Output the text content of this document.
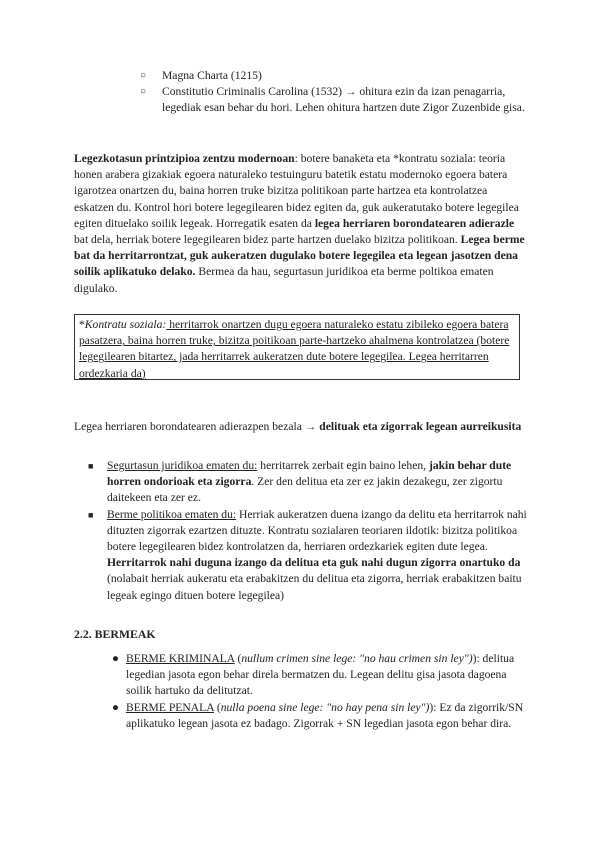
○ Magna Charta (1215)
○ Constitutio Criminalis Carolina (1532) → ohitura ezin da izan penagarria, legediak esan behar du hori. Lehen ohitura hartzen dute Zigor Zuzenbide gisa.

Legezkotasun printzipioa zentzu modernoan: botere banaketa eta *kontratu soziala: teoria honen arabera gizakiak egoera naturaleko testuinguru batetik estatu modernoko egoera batera igarotzea onartzen du, baina horren truke bizitza politikoan parte hartzea eta kontrolatzea eskatzen du. Kontrol hori botere legegilearen bidez egiten da, guk aukeratutako botere legegilea egiten dituelako soilik legeak. Horregatik esaten da legea herriaren borondatearen adierazle bat dela, herriak botere legegilearen bidez parte hartzen duelako bizitza politikoan. Legea berme bat da herritarrontzat, guk aukeratzen dugulako botere legegilea eta legean jasotzen dena soilik aplikatuko delako. Bermea da hau, segurtasun juridikoa eta berme poltikoa ematen digulako.

*Kontratu soziala: herritarrok onartzen dugu egoera naturaleko estatu zibileko egoera batera pasatzera, baina horren truke, bizitza poitikoan parte-hartzeko ahalmena kontrolatzea (botere legegilearen bitartez, jada herritarrek aukeratzen dute botere legegilea. Legea herritarren ordezkaria da)

Legea herriaren borondatearen adierazpen bezala → delituak eta zigorrak legean aurreikusita

■ Segurtasun juridikoa ematen du: herritarrek zerbait egin baino lehen, jakin behar dute horren ondorioak eta zigorra. Zer den delitua eta zer ez jakin dezakegu, zer zigortu daitekeen eta zer ez.
■ Berme politikoa ematen du: Herriak aukeratzen duena izango da delitu eta herritarrok nahi dituzten zigorrak ezartzen dituzte. Kontratu sozialaren teoriaren ildotik: bizitza politikoa botere legegilearen bidez kontrolatzen da, herriaren ordezkariek egiten dute legea. Herritarrok nahi duguna izango da delitua eta guk nahi dugun zigorra onartuko da (nolabait herriak aukeratu eta erabakitzen du delitua eta zigorra, herriak erabakitzen baitu legeak egingo dituen botere legegilea)
2.2. BERMEAK
● BERME KRIMINALA (nullum crimen sine lege: "no hau crimen sin ley")): delitua legedian jasota egon behar direla bermatzen du. Legean delitu gisa jasota dagoena soilik hartuko da delitutzat.
● BERME PENALA (nulla poena sine lege: "no hay pena sin ley")): Ez da zigorrik/SN aplikatuko legean jasota ez badago. Zigorrak + SN legedian jasota egon behar dira.
